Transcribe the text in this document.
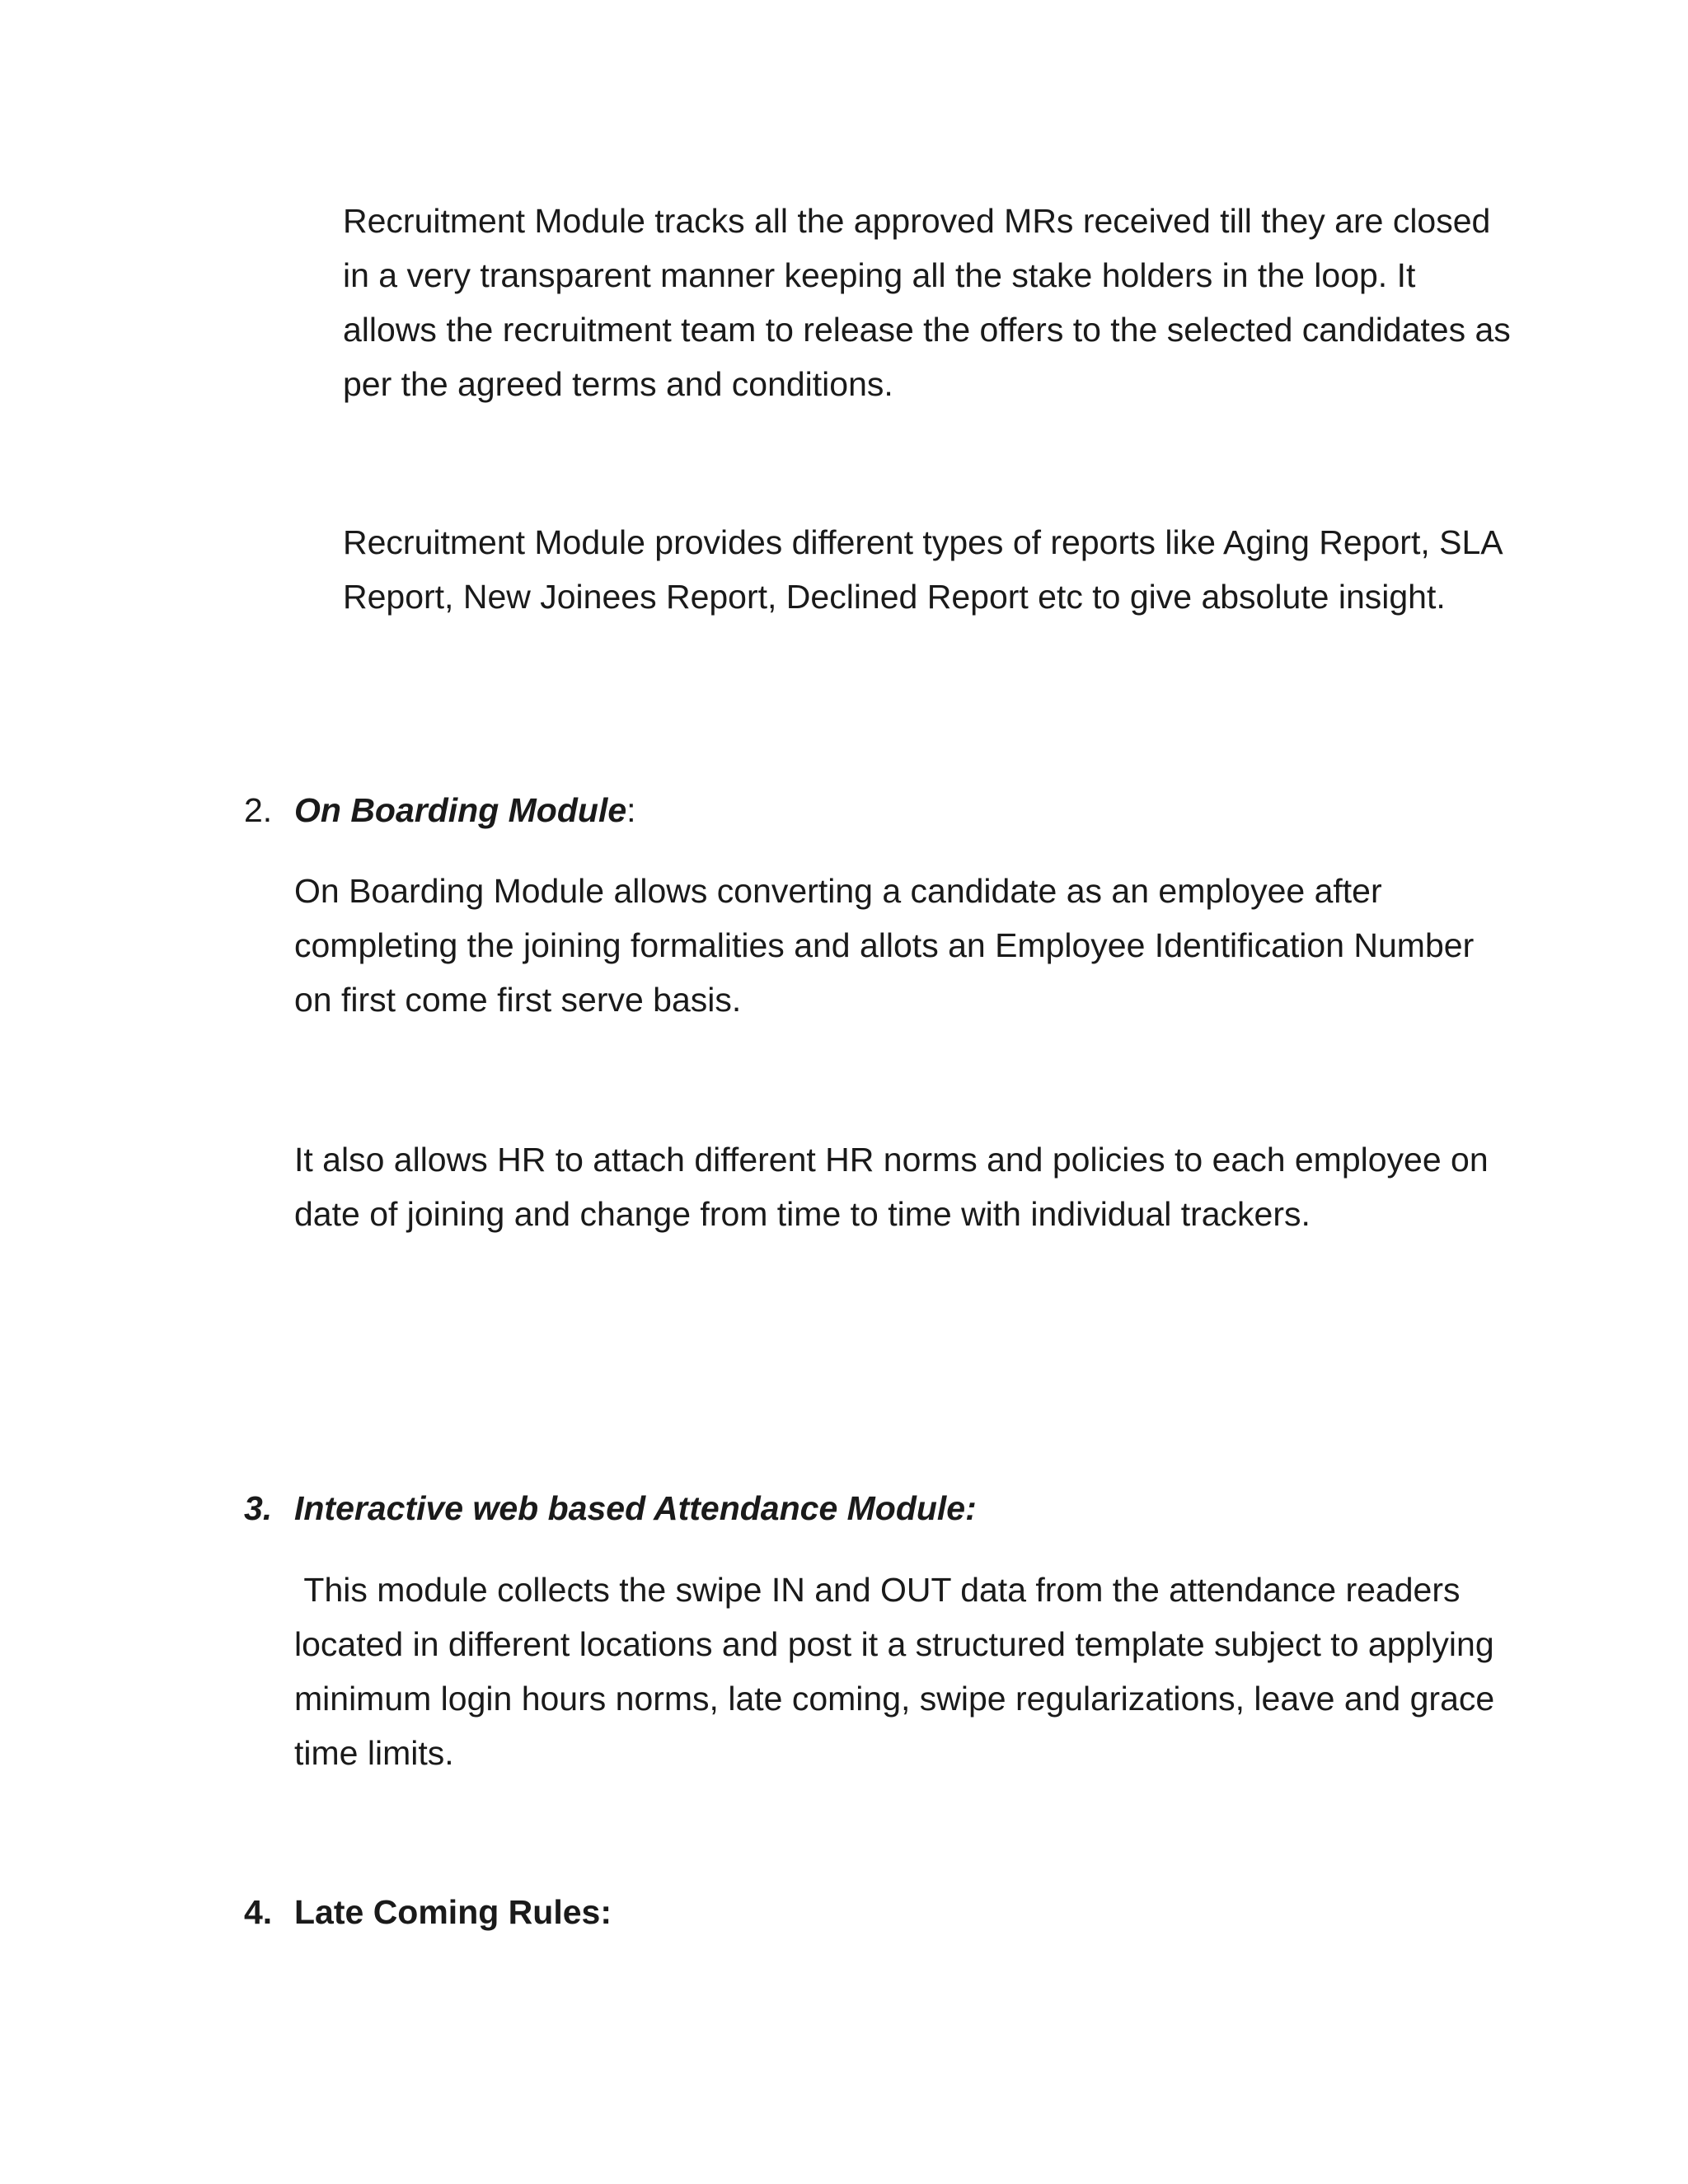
Recruitment Module tracks all the approved MRs received till they are closed in a very transparent manner keeping all the stake holders in the loop. It allows the recruitment team to release the offers to the selected candidates as per the agreed terms and conditions.

Recruitment Module provides different types of reports like Aging Report, SLA Report, New Joinees Report, Declined Report etc to give absolute insight.

2. On Boarding Module:

On Boarding Module allows converting a candidate as an employee after completing the joining formalities and allots an Employee Identification Number on first come first serve basis.

It also allows HR to attach different HR norms and policies to each employee on date of joining and change from time to time with individual trackers.

3. Interactive web based Attendance Module:

This module collects the swipe IN and OUT data from the attendance readers located in different locations and post it a structured template subject to applying minimum login hours norms, late coming, swipe regularizations, leave and grace time limits.

4. Late Coming Rules:
